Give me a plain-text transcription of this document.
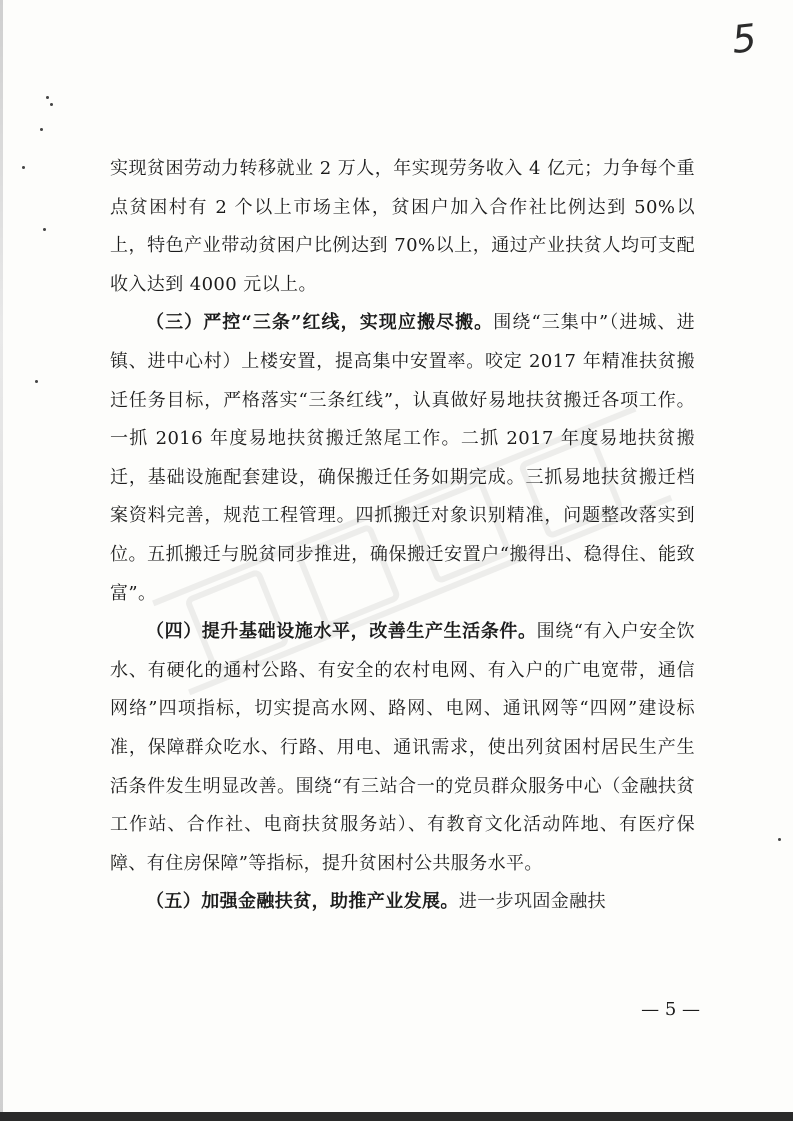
5

实现贫困劳动力转移就业 2 万人，年实现劳务收入 4 亿元；力争每个重点贫困村有 2 个以上市场主体，贫困户加入合作社比例达到 50%以上，特色产业带动贫困户比例达到 70%以上，通过产业扶贫人均可支配收入达到 4000 元以上。

（三）严控“三条”红线，实现应搬尽搬。围绕“三集中”（进城、进镇、进中心村）上楼安置，提高集中安置率。咬定 2017 年精准扶贫搬迁任务目标，严格落实“三条红线”，认真做好易地扶贫搬迁各项工作。一抓 2016 年度易地扶贫搬迁煞尾工作。二抓 2017 年度易地扶贫搬迁，基础设施配套建设，确保搬迁任务如期完成。三抓易地扶贫搬迁档案资料完善，规范工程管理。四抓搬迁对象识别精准，问题整改落实到位。五抓搬迁与脱贫同步推进，确保搬迁安置户“搬得出、稳得住、能致富”。

（四）提升基础设施水平，改善生产生活条件。围绕“有入户安全饮水、有硬化的通村公路、有安全的农村电网、有入户的广电宽带，通信网络”四项指标，切实提高水网、路网、电网、通讯网等“四网”建设标准，保障群众吃水、行路、用电、通讯需求，使出列贫困村居民生产生活条件发生明显改善。围绕“有三站合一的党员群众服务中心（金融扶贫工作站、合作社、电商扶贫服务站）、有教育文化活动阵地、有医疗保障、有住房保障”等指标，提升贫困村公共服务水平。

（五）加强金融扶贫，助推产业发展。进一步巩固金融扶

— 5 —
